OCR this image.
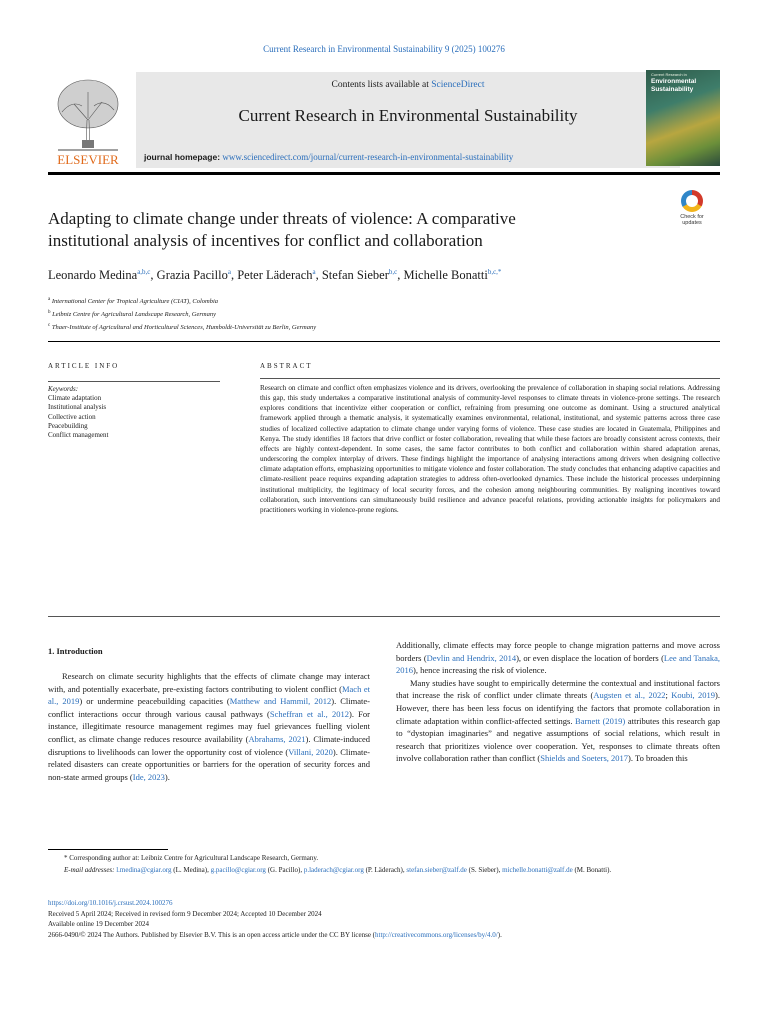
Current Research in Environmental Sustainability 9 (2025) 100276
ELSEVIER
Contents lists available at ScienceDirect
Current Research in Environmental Sustainability
journal homepage: www.sciencedirect.com/journal/current-research-in-environmental-sustainability
Current Research in
Environmental Sustainability
Adapting to climate change under threats of violence: A comparative
institutional analysis of incentives for conflict and collaboration
Check for updates
Leonardo Medina$^{a,b,c}$, Grazia Pacillo$^a$, Peter Läderach$^a$, Stefan Sieber$^{b,c}$, Michelle Bonatti$^{b,c,*}$
$^a$ International Center for Tropical Agriculture (CIAT), Colombia
$^b$ Leibniz Centre for Agricultural Landscape Research, Germany
$^c$ Thaer-Institute of Agricultural and Horticultural Sciences, Humboldt-Universität zu Berlin, Germany
ARTICLE INFO	ABSTRACT
Keywords:
Climate adaptation
Institutional analysis
Collective action
Peacebuilding
Conflict management
Research on climate and conflict often emphasizes violence and its drivers, overlooking the prevalence of collaboration in shaping social relations. Addressing this gap, this study undertakes a comparative institutional analysis of community-level responses to climate threats in violence-prone settings. The research explores conditions that incentivize either cooperation or conflict, refraining from presuming one outcome as dominant. Using a structured analytical framework applied through a thematic analysis, it systematically examines environmental, relational, institutional, and systemic patterns across three case studies of localized collective adaptation to climate change under varying forms of violence. These case studies are located in Guatemala, Philippines and Kenya. The study identifies 18 factors that drive conflict or foster collaboration, revealing that while these factors are broadly consistent across contexts, their effects are highly context-dependent. In some cases, the same factor contributes to both conflict and collaboration within shared adaptation arenas, underscoring the complex interplay of drivers. These findings highlight the importance of analysing interactions among drivers when designing collective climate adaptation efforts, emphasizing opportunities to mitigate violence and foster collaboration. The study concludes that enhancing adaptive capacities and climate-resilient peace requires expanding adaptation strategies to address often-overlooked dynamics. These include the historical processes underpinning institutional multiplicity, the legitimacy of local security forces, and the cohesion among neighbouring communities. By realigning incentives toward collaboration, such interventions can simultaneously build resilience and advance peaceful relations, providing actionable insights for policymakers and practitioners working in violence-prone regions.
1. Introduction

Research on climate security highlights that the effects of climate change may interact with, and potentially exacerbate, pre-existing factors contributing to violent conflict (Mach et al., 2019) or undermine peacebuilding capacities (Matthew and Hammil, 2012). Climate-conflict interactions occur through various causal pathways (Scheffran et al., 2012). For instance, illegitimate resource management regimes may fuel grievances fuelling violent conflict, as climate change reduces resource availability (Abrahams, 2021). Climate-induced disruptions to livelihoods can lower the opportunity cost of violence (Villani, 2020). Climate-related disasters can create opportunities or barriers for the operation of security forces and non-state armed groups (Ide, 2023).

Additionally, climate effects may force people to change migration patterns and move across borders (Devlin and Hendrix, 2014), or even displace the location of borders (Lee and Tanaka, 2016), hence increasing the risk of violence.

Many studies have sought to empirically determine the contextual and institutional factors that increase the risk of conflict under climate threats (Augsten et al., 2022; Koubi, 2019). However, there has been less focus on identifying the factors that promote collaboration in climate adaptation within conflict-affected settings. Barnett (2019) attributes this research gap to “dystopian imaginaries” and negative assumptions of social relations, which result in research that prioritizes violence over cooperation. Yet, responses to climate threats often involve collaboration rather than conflict (Shields and Soeters, 2017). To broaden this

* Corresponding author at: Leibniz Centre for Agricultural Landscape Research, Germany.
E-mail addresses: l.medina@cgiar.org (L. Medina), g.pacillo@cgiar.org (G. Pacillo), p.laderach@cgiar.org (P. Läderach), stefan.sieber@zalf.de (S. Sieber), michelle.bonatti@zalf.de (M. Bonatti).
https://doi.org/10.1016/j.crsust.2024.100276
Received 5 April 2024; Received in revised form 9 December 2024; Accepted 10 December 2024
Available online 19 December 2024
2666-0490/© 2024 The Authors. Published by Elsevier B.V. This is an open access article under the CC BY license (http://creativecommons.org/licenses/by/4.0/).
